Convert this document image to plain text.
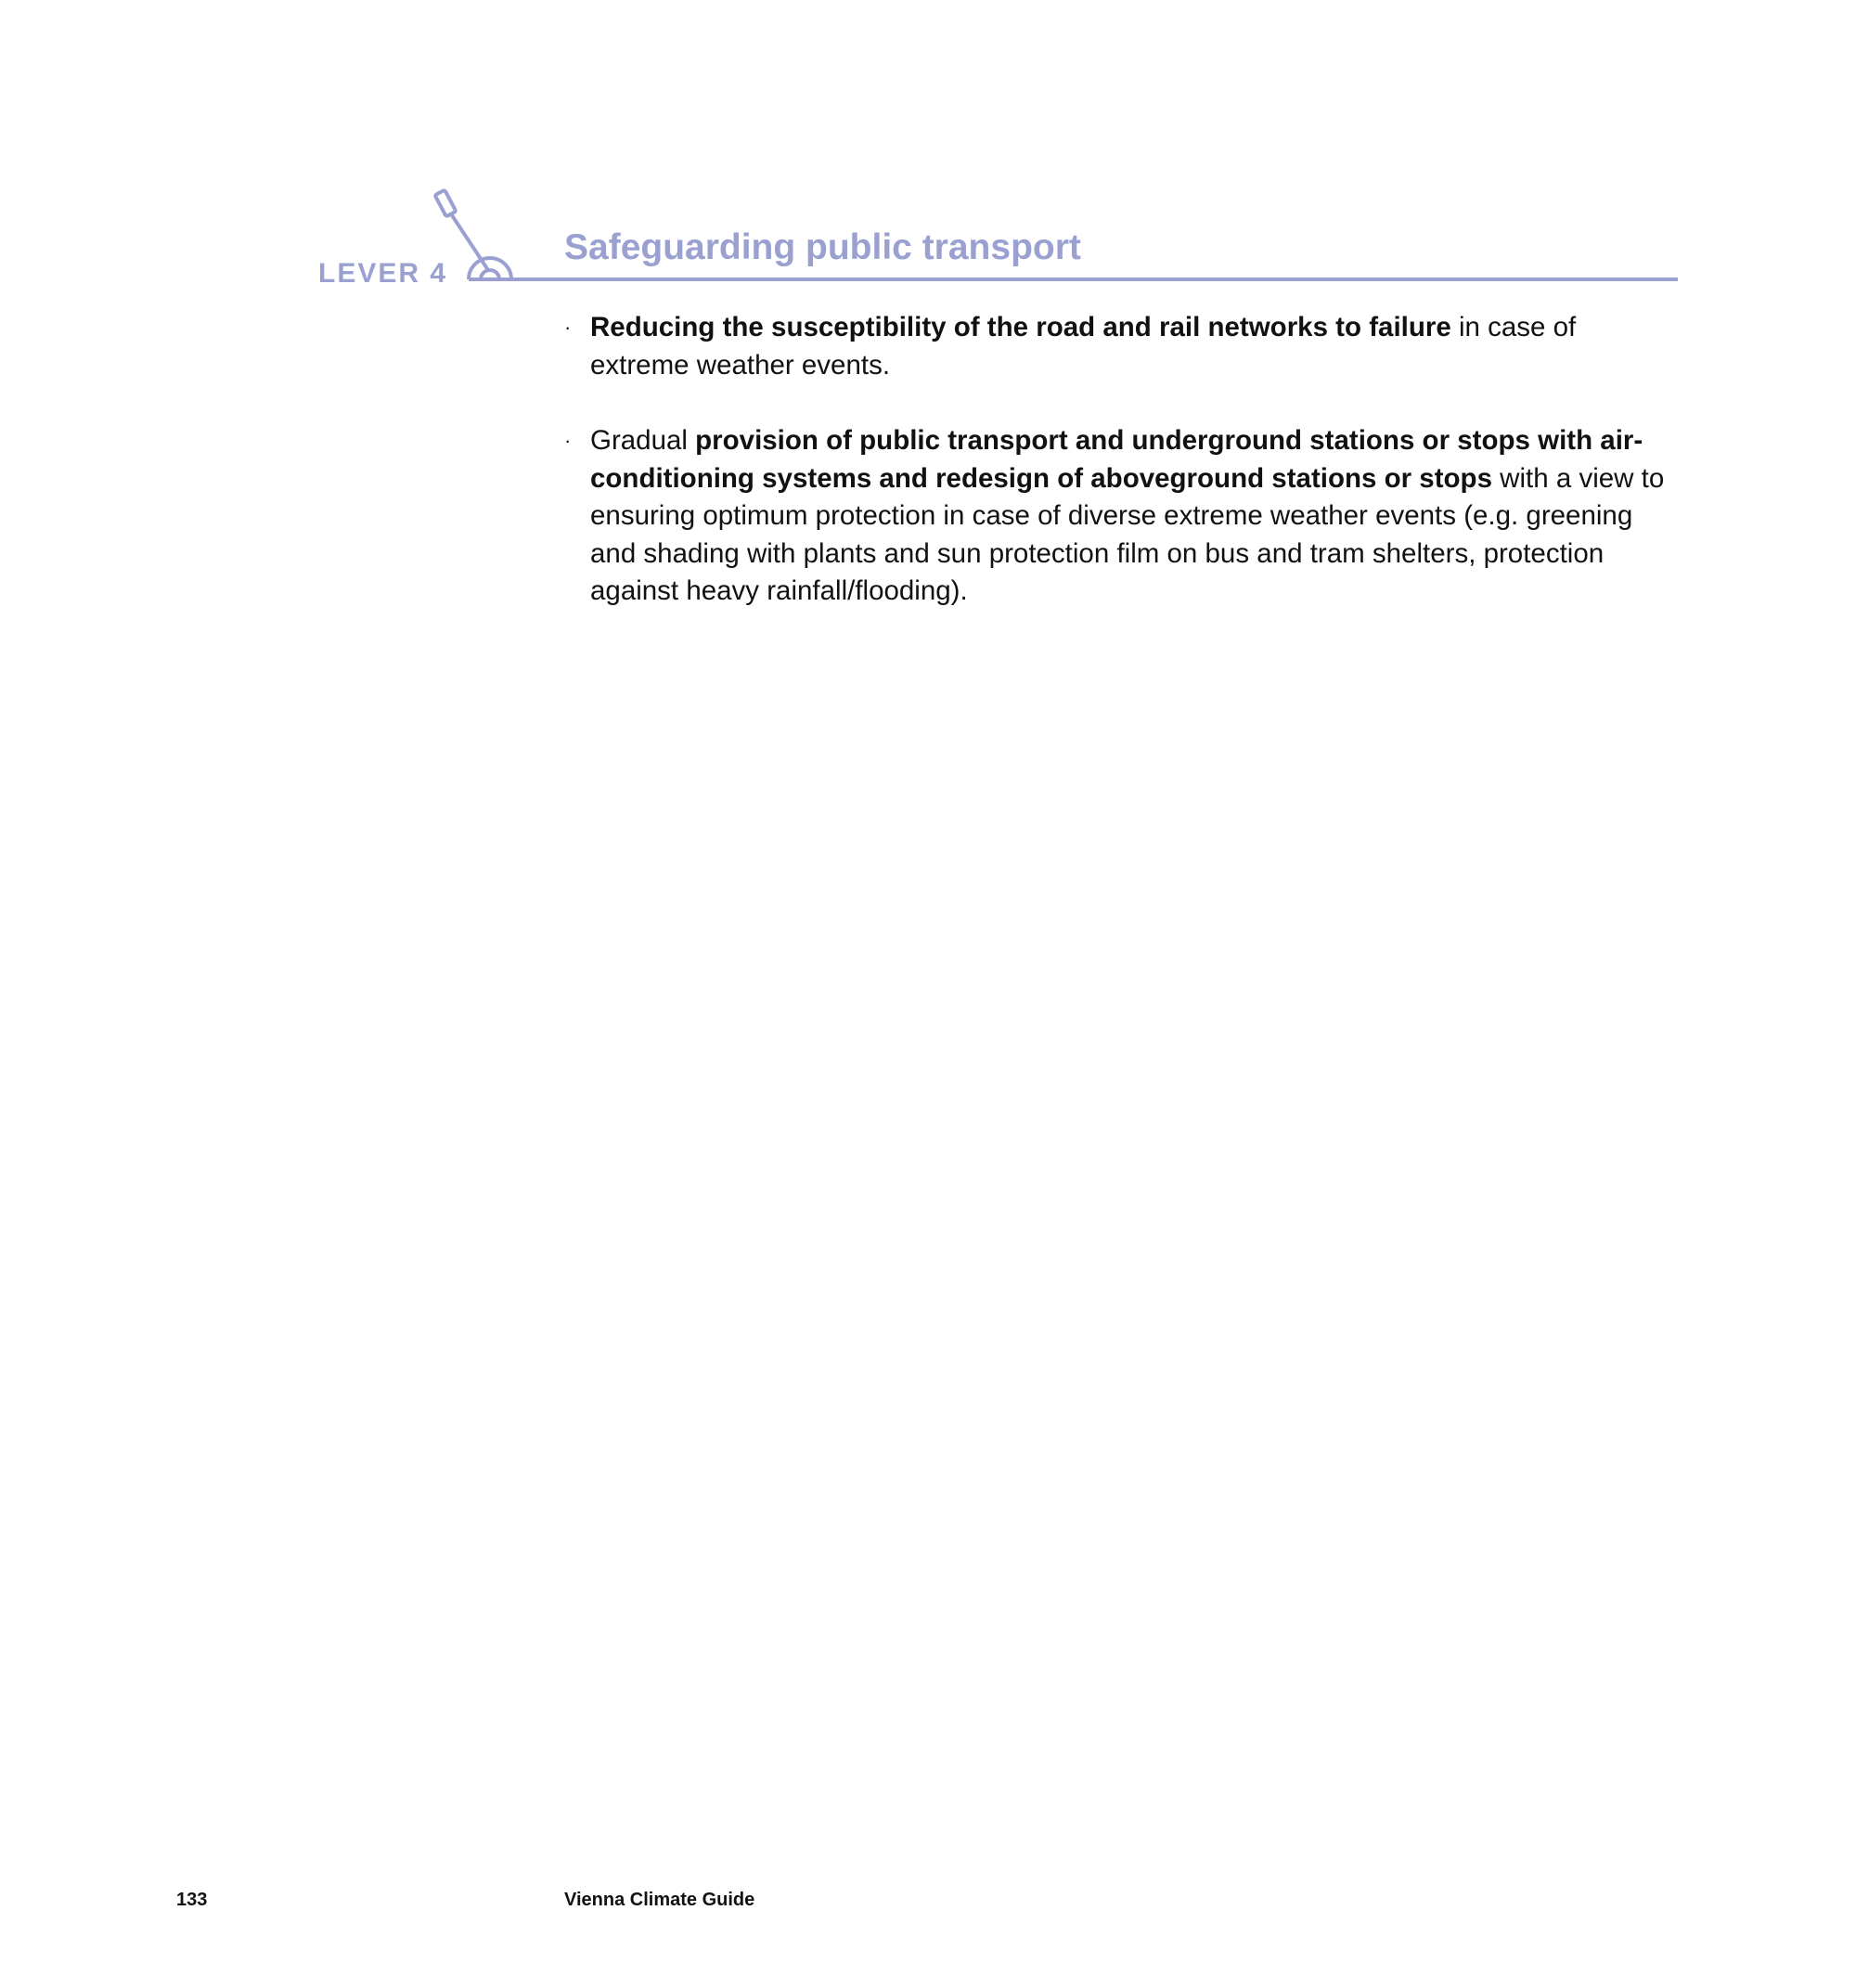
LEVER 4
Safeguarding public transport
· Reducing the susceptibility of the road and rail networks to failure in case of extreme weather events.
· Gradual provision of public transport and underground stations or stops with air-conditioning systems and redesign of aboveground stations or stops with a view to ensuring optimum protection in case of diverse extreme weather events (e.g. greening and shading with plants and sun protection film on bus and tram shelters, protection against heavy rainfall/flooding).
133	Vienna Climate Guide
